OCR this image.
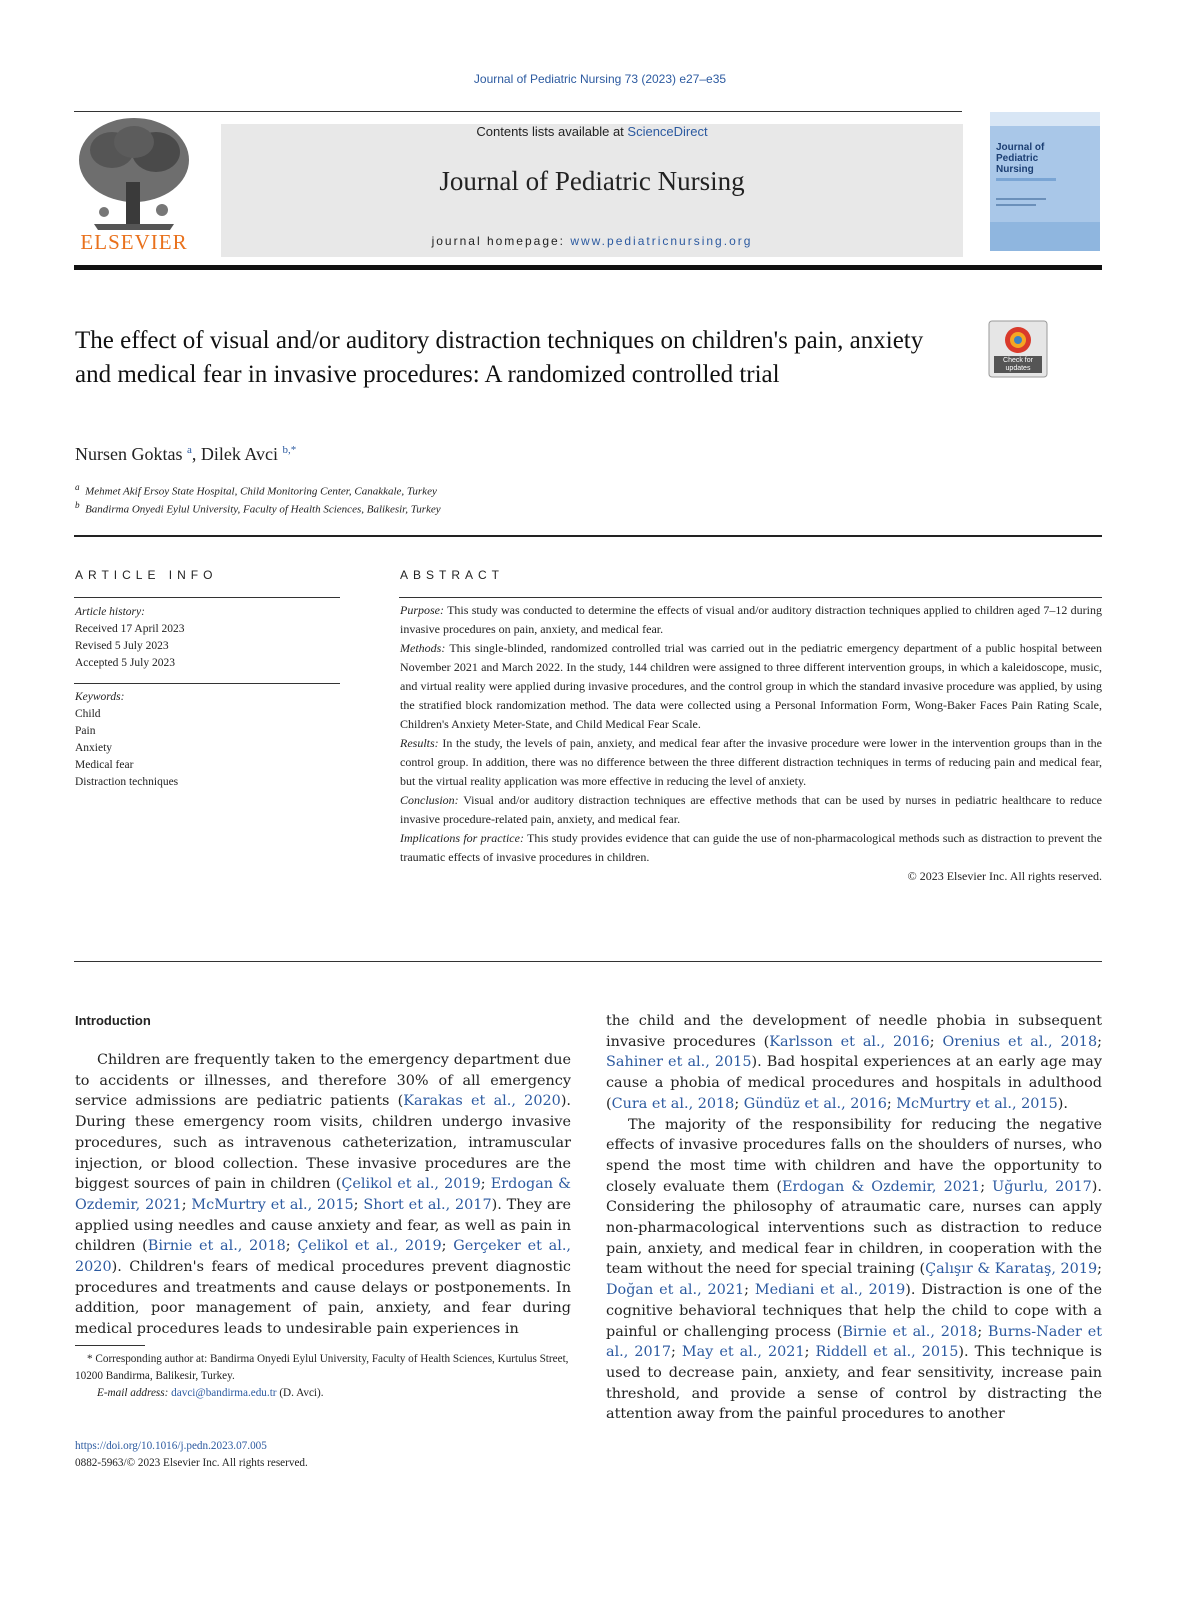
Journal of Pediatric Nursing 73 (2023) e27–e35
ELSEVIER
Contents lists available at ScienceDirect
Journal of Pediatric Nursing
journal homepage: www.pediatricnursing.org
Journal of Pediatric Nursing
The effect of visual and/or auditory distraction techniques on children's pain, anxiety and medical fear in invasive procedures: A randomized controlled trial
Check for updates
Nursen Goktas $^a$, Dilek Avci $^{b,*}$
$^a$ Mehmet Akif Ersoy State Hospital, Child Monitoring Center, Canakkale, Turkey
$^b$ Bandirma Onyedi Eylul University, Faculty of Health Sciences, Balikesir, Turkey
ARTICLE INFO
Article history:
Received 17 April 2023
Revised 5 July 2023
Accepted 5 July 2023
Keywords:
Child
Pain
Anxiety
Medical fear
Distraction techniques
ABSTRACT

Purpose: This study was conducted to determine the effects of visual and/or auditory distraction techniques applied to children aged 7–12 during invasive procedures on pain, anxiety, and medical fear.

Methods: This single-blinded, randomized controlled trial was carried out in the pediatric emergency department of a public hospital between November 2021 and March 2022. In the study, 144 children were assigned to three different intervention groups, in which a kaleidoscope, music, and virtual reality were applied during invasive procedures, and the control group in which the standard invasive procedure was applied, by using the stratified block randomization method. The data were collected using a Personal Information Form, Wong-Baker Faces Pain Rating Scale, Children's Anxiety Meter-State, and Child Medical Fear Scale.

Results: In the study, the levels of pain, anxiety, and medical fear after the invasive procedure were lower in the intervention groups than in the control group. In addition, there was no difference between the three different distraction techniques in terms of reducing pain and medical fear, but the virtual reality application was more effective in reducing the level of anxiety.

Conclusion: Visual and/or auditory distraction techniques are effective methods that can be used by nurses in pediatric healthcare to reduce invasive procedure-related pain, anxiety, and medical fear.

Implications for practice: This study provides evidence that can guide the use of non-pharmacological methods such as distraction to prevent the traumatic effects of invasive procedures in children.

© 2023 Elsevier Inc. All rights reserved.

Introduction

Children are frequently taken to the emergency department due to accidents or illnesses, and therefore 30% of all emergency service admissions are pediatric patients (Karakas et al., 2020). During these emergency room visits, children undergo invasive procedures, such as intravenous catheterization, intramuscular injection, or blood collection. These invasive procedures are the biggest sources of pain in children (Çelikol et al., 2019; Erdogan & Ozdemir, 2021; McMurtry et al., 2015; Short et al., 2017). They are applied using needles and cause anxiety and fear, as well as pain in children (Birnie et al., 2018; Çelikol et al., 2019; Gerçeker et al., 2020). Children's fears of medical procedures prevent diagnostic procedures and treatments and cause delays or postponements. In addition, poor management of pain, anxiety, and fear during medical procedures leads to undesirable pain experiences in

* Corresponding author at: Bandirma Onyedi Eylul University, Faculty of Health Sciences, Kurtulus Street, 10200 Bandirma, Balikesir, Turkey.
E-mail address: davci@bandirma.edu.tr (D. Avci).
https://doi.org/10.1016/j.pedn.2023.07.005
0882-5963/© 2023 Elsevier Inc. All rights reserved.

the child and the development of needle phobia in subsequent invasive procedures (Karlsson et al., 2016; Orenius et al., 2018; Sahiner et al., 2015). Bad hospital experiences at an early age may cause a phobia of medical procedures and hospitals in adulthood (Cura et al., 2018; Gündüz et al., 2016; McMurtry et al., 2015).

The majority of the responsibility for reducing the negative effects of invasive procedures falls on the shoulders of nurses, who spend the most time with children and have the opportunity to closely evaluate them (Erdogan & Ozdemir, 2021; Uğurlu, 2017). Considering the philosophy of atraumatic care, nurses can apply non-pharmacological interventions such as distraction to reduce pain, anxiety, and medical fear in children, in cooperation with the team without the need for special training (Çalışır & Karataş, 2019; Doğan et al., 2021; Mediani et al., 2019). Distraction is one of the cognitive behavioral techniques that help the child to cope with a painful or challenging process (Birnie et al., 2018; Burns-Nader et al., 2017; May et al., 2021; Riddell et al., 2015). This technique is used to decrease pain, anxiety, and fear sensitivity, increase pain threshold, and provide a sense of control by distracting the attention away from the painful procedures to another
